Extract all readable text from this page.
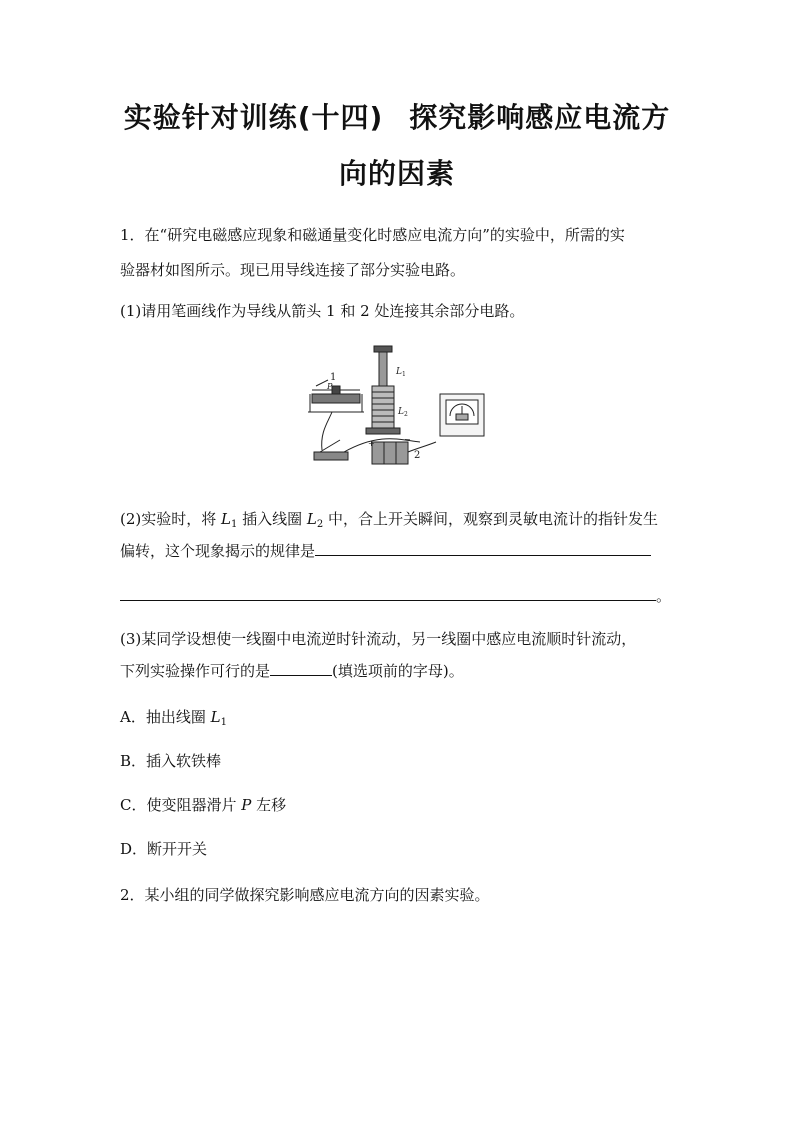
实验针对训练(十四) 探究影响感应电流方
向的因素
1．在“研究电磁感应现象和磁通量变化时感应电流方向”的实验中，所需的实
验器材如图所示。现已用导线连接了部分实验电路。
(1)请用笔画线作为导线从箭头 1 和 2 处连接其余部分电路。
1
P
$L_1$
$L_2$
+	−
2
(2)实验时，将 $L_1$ 插入线圈 $L_2$ 中，合上开关瞬间，观察到灵敏电流计的指针发生
偏转，这个现象揭示的规律是
。
(3)某同学设想使一线圈中电流逆时针流动，另一线圈中感应电流顺时针流动，
下列实验操作可行的是	(填选项前的字母)。
A．抽出线圈 $L_1$
B．插入软铁棒
C．使变阻器滑片 P 左移
D．断开开关
2．某小组的同学做探究影响感应电流方向的因素实验。
